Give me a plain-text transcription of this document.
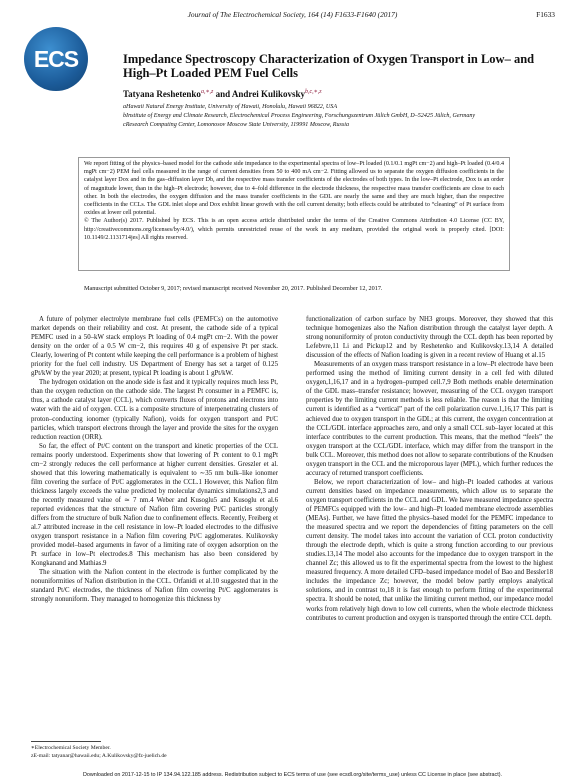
Journal of The Electrochemical Society, 164 (14) F1633-F1640 (2017)	F1633
ECS	Impedance Spectroscopy Characterization of Oxygen Transport in Low– and High–Pt Loaded PEM Fuel Cells
Tatyana Reshetenko$^{a,∗,z}$ and Andrei Kulikovsky$^{b,c,∗,z}$
aHawaii Natural Energy Institute, University of Hawaii, Honolulu, Hawaii 96822, USA
bInstitute of Energy and Climate Research, Electrochemical Process Engineering, Forschungszentrum Jülich GmbH, D–52425 Jülich, Germany
cResearch Computing Center, Lomonosov Moscow State University, 119991 Moscow, Russia

We report fitting of the physics–based model for the cathode side impedance to the experimental spectra of low–Pt loaded (0.1/0.1 mgPt cm−2) and high–Pt loaded (0.4/0.4 mgPt cm−2) PEM fuel cells measured in the range of current densities from 50 to 400 mA cm−2. Fitting allowed us to separate the oxygen diffusion coefficients in the catalyst layer Dox and in the gas–diffusion layer Db, and the respective mass transfer coefficients of the electrodes of both types. In the low–Pt electrode, Dox is an order of magnitude lower, than in the high–Pt electrode; however, due to 4–fold difference in the electrode thickness, the respective mass transfer coefficients are close to each other. In both the electrodes, the oxygen diffusion and the mass transfer coefficients in the GDL are nearly the same and they are much higher, than the respective coefficients in the CCLs. The GDL inlet slope and Dox exhibit linear growth with the cell current density; both effects could be attributed to “cleaning” of Pt surface from oxides at lower cell potential.

© The Author(s) 2017. Published by ECS. This is an open access article distributed under the terms of the Creative Commons Attribution 4.0 License (CC BY, http://creativecommons.org/licenses/by/4.0/), which permits unrestricted reuse of the work in any medium, provided the original work is properly cited. [DOI: 10.1149/2.1131714jes] All rights reserved.

Manuscript submitted October 9, 2017; revised manuscript received November 20, 2017. Published December 12, 2017.

A future of polymer electrolyte membrane fuel cells (PEMFCs) on the automotive market depends on their reliability and cost. At present, the cathode side of a typical PEMFC used in a 50–kW stack employs Pt loading of 0.4 mgPt cm−2. With the power density on the order of a 0.5 W cm−2, this requires 40 g of expensive Pt per stack. Clearly, lowering of Pt content while keeping the cell performance is a problem of highest priority for the fuel cell industry. US Department of Energy has set a target of 0.125 gPt/kW by the year 2020; at present, typical Pt loading is about 1 gPt/kW.

The hydrogen oxidation on the anode side is fast and it typically requires much less Pt, than the oxygen reduction on the cathode side. The largest Pt consumer in a PEMFC is, thus, a cathode catalyst layer (CCL), which converts fluxes of protons and electrons into water with the aid of oxygen. CCL is a composite structure of interpenetrating clusters of proton–conducting ionomer (typically Nafion), voids for oxygen transport and Pt/C particles, which transport electrons through the layer and provide the sites for the oxygen reduction reaction (ORR).

So far, the effect of Pt/C content on the transport and kinetic properties of the CCL remains poorly understood. Experiments show that lowering of Pt content to 0.1 mgPt cm−2 strongly reduces the cell performance at higher current densities. Greszler et al. showed that this lowering mathematically is equivalent to ∼35 nm bulk–like ionomer film covering the surface of Pt/C agglomerates in the CCL.1 However, this Nafion film thickness largely exceeds the value predicted by molecular dynamics simulations2,3 and the recently measured value of ≃ 7 nm.4 Weber and Kusoglu5 and Kusoglu et al.6 reported evidences that the structure of Nafion film covering Pt/C particles strongly differs from the structure of bulk Nafion due to confinement effects. Recently, Freiberg et al.7 attributed increase in the cell resistance in low–Pt loaded electrodes to the diffusive oxygen transport resistance in a Nafion film covering Pt/C agglomerates. Kulikovsky provided model–based arguments in favor of a limiting rate of oxygen adsorption on the Pt surface in low–Pt electrodes.8 This mechanism has also been considered by Kongkanand and Mathias.9

The situation with the Nafion content in the electrode is further complicated by the nonuniformities of Nafion distribution in the CCL. Orfanidi et al.10 suggested that in the standard Pt/C electrodes, the thickness of Nafion film covering Pt/C agglomerates is strongly nonuniform. They managed to homogenize this thickness by

functionalization of carbon surface by NH3 groups. Moreover, they showed that this technique homogenizes also the Nafion distribution through the catalyst layer depth. A strong nonuniformity of proton conductivity through the CCL depth has been reported by Lefebvre,11 Li and Pickup12 and by Reshetenko and Kulikovsky.13,14 A detailed discussion of the effects of Nafion loading is given in a recent review of Huang et al.15

Measurements of an oxygen mass transport resistance in a low–Pt electrode have been performed using the method of limiting current density in a cell fed with diluted oxygen,1,16,17 and in a hydrogen–pumped cell.7,9 Both methods enable determination of the GDL mass–transfer resistance; however, measuring of the CCL oxygen transport properties by the limiting current methods is less reliable. The reason is that the limiting current is identified as a “vertical” part of the cell polarization curve.1,16,17 This part is achieved due to oxygen transport in the GDL; at this current, the oxygen concentration at the CCL/GDL interface approaches zero, and only a small CCL sub–layer located at this interface contributes to the current production. This means, that the method “feels” the oxygen transport at the CCL/GDL interface, which may differ from the transport in the bulk CCL. Moreover, this method does not allow to separate contributions of the Knudsen oxygen transport in the CCL and the microporous layer (MPL), which further reduces the accuracy of returned transport coefficients.

Below, we report characterization of low– and high–Pt loaded cathodes at various current densities based on impedance measurements, which allow us to separate the oxygen transport coefficients in the CCL and GDL. We have measured impedance spectra of PEMFCs equipped with the low– and high–Pt loaded membrane electrode assemblies (MEAs). Further, we have fitted the physics–based model for the PEMFC impedance to the measured spectra and we report the dependencies of fitting parameters on the cell current density. The model takes into account the variation of CCL proton conductivity through the electrode depth, which is quite a strong function according to our previous studies.13,14 The model also accounts for the impedance due to oxygen transport in the channel Zc; this allowed us to fit the experimental spectra from the lowest to the highest measured frequency. A more detailed CFD–based impedance model of Bao and Bessler18 includes the impedance Zc; however, the model below partly employs analytical solutions, and in contrast to,18 it is fast enough to perform fitting of the experimental spectra. It should be noted, that unlike the limiting current method, our impedance model works from relatively high down to low cell currents, when the whole electrode thickness contributes to current production and oxygen is transported through the entire CCL depth.

∗Electrochemical Society Member.
zE-mail: tatyanar@hawaii.edu; A.Kulikovsky@fz-juelich.de
Downloaded on 2017-12-15 to IP 134.94.122.185 address. Redistribution subject to ECS terms of use (see ecsdl.org/site/terms_use) unless CC License in place (see abstract).
